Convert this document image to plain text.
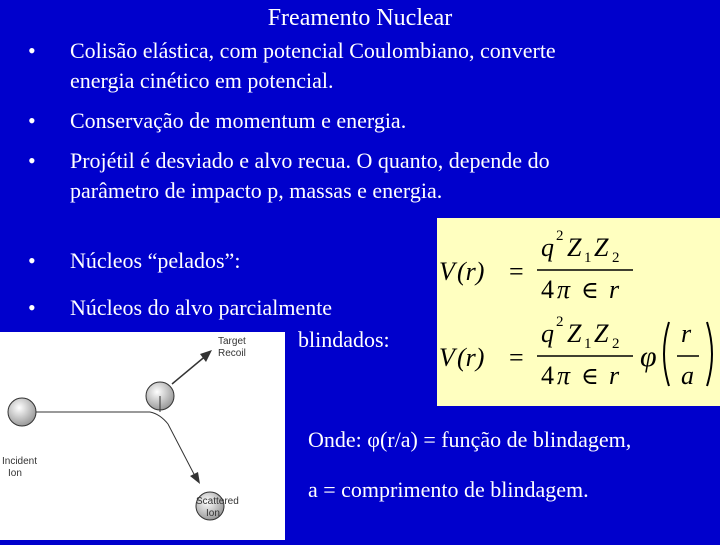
Freamento Nuclear
• Colisão elástica, com potencial Coulombiano, converte
energia cinético em potencial.
• Conservação de momentum e energia.
• Projétil é desviado e alvo recua. O quanto, depende do
parâmetro de impacto p, massas e energia.
• Núcleos “pelados”:
• Núcleos do alvo parcialmente
blindados:
V (r) =
q 2 Z 1 Z 2
4 π ∈ r
V (r) =
q 2 Z 1 Z 2
4 π ∈ r
φ
r
a
Target
Recoil
Incident
Ion
Scattered
Ion
Onde: φ(r/a) = função de blindagem,
a = comprimento de blindagem.
